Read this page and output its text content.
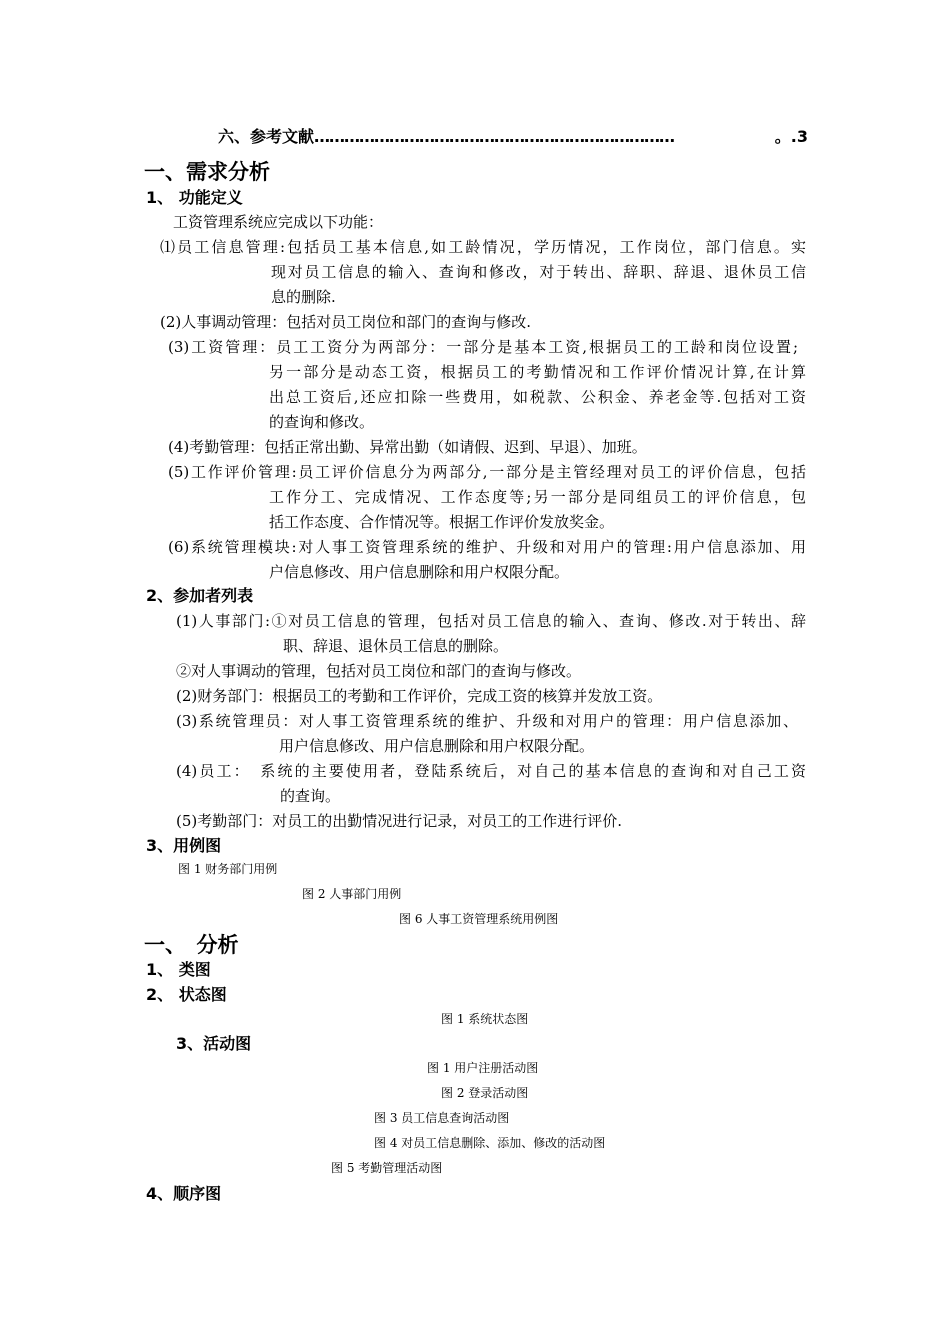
六、参考文献 ………………………………………………………………	。.3
一、需求分析
1、 功能定义
工资管理系统应完成以下功能：
⑴员工信息管理:包括员工基本信息,如工龄情况，学历情况，工作岗位，部门信息。实
现对员工信息的输入、查询和修改，对于转出、辞职、辞退、退休员工信
息的删除.
(2)人事调动管理：包括对员工岗位和部门的查询与修改.
(3)工资管理：员工工资分为两部分：一部分是基本工资,根据员工的工龄和岗位设置;
另一部分是动态工资，根据员工的考勤情况和工作评价情况计算,在计算
出总工资后,还应扣除一些费用，如税款、公积金、养老金等.包括对工资
的查询和修改。
(4)考勤管理：包括正常出勤、异常出勤（如请假、迟到、早退）、加班。
(5)工作评价管理:员工评价信息分为两部分,一部分是主管经理对员工的评价信息，包括
工作分工、完成情况、工作态度等;另一部分是同组员工的评价信息，包
括工作态度、合作情况等。根据工作评价发放奖金。
(6)系统管理模块:对人事工资管理系统的维护、升级和对用户的管理:用户信息添加、用
户信息修改、用户信息删除和用户权限分配。
2、参加者列表
(1)人事部门:①对员工信息的管理，包括对员工信息的输入、查询、修改.对于转出、辞
职、辞退、退休员工信息的删除。
②对人事调动的管理，包括对员工岗位和部门的查询与修改。
(2)财务部门：根据员工的考勤和工作评价，完成工资的核算并发放工资。
(3)系统管理员：对人事工资管理系统的维护、升级和对用户的管理：用户信息添加、
用户信息修改、用户信息删除和用户权限分配。
(4)员工：　系统的主要使用者，登陆系统后，对自己的基本信息的查询和对自己工资
的查询。
(5)考勤部门：对员工的出勤情况进行记录，对员工的工作进行评价.
3、用例图
图 1 财务部门用例
图 2 人事部门用例
图 6 人事工资管理系统用例图
一、　分析
1、 类图
2、 状态图
图 1 系统状态图
3、活动图
图 1 用户注册活动图
图 2 登录活动图
图 3 员工信息查询活动图
图 4 对员工信息删除、添加、修改的活动图
图 5 考勤管理活动图
4、顺序图
